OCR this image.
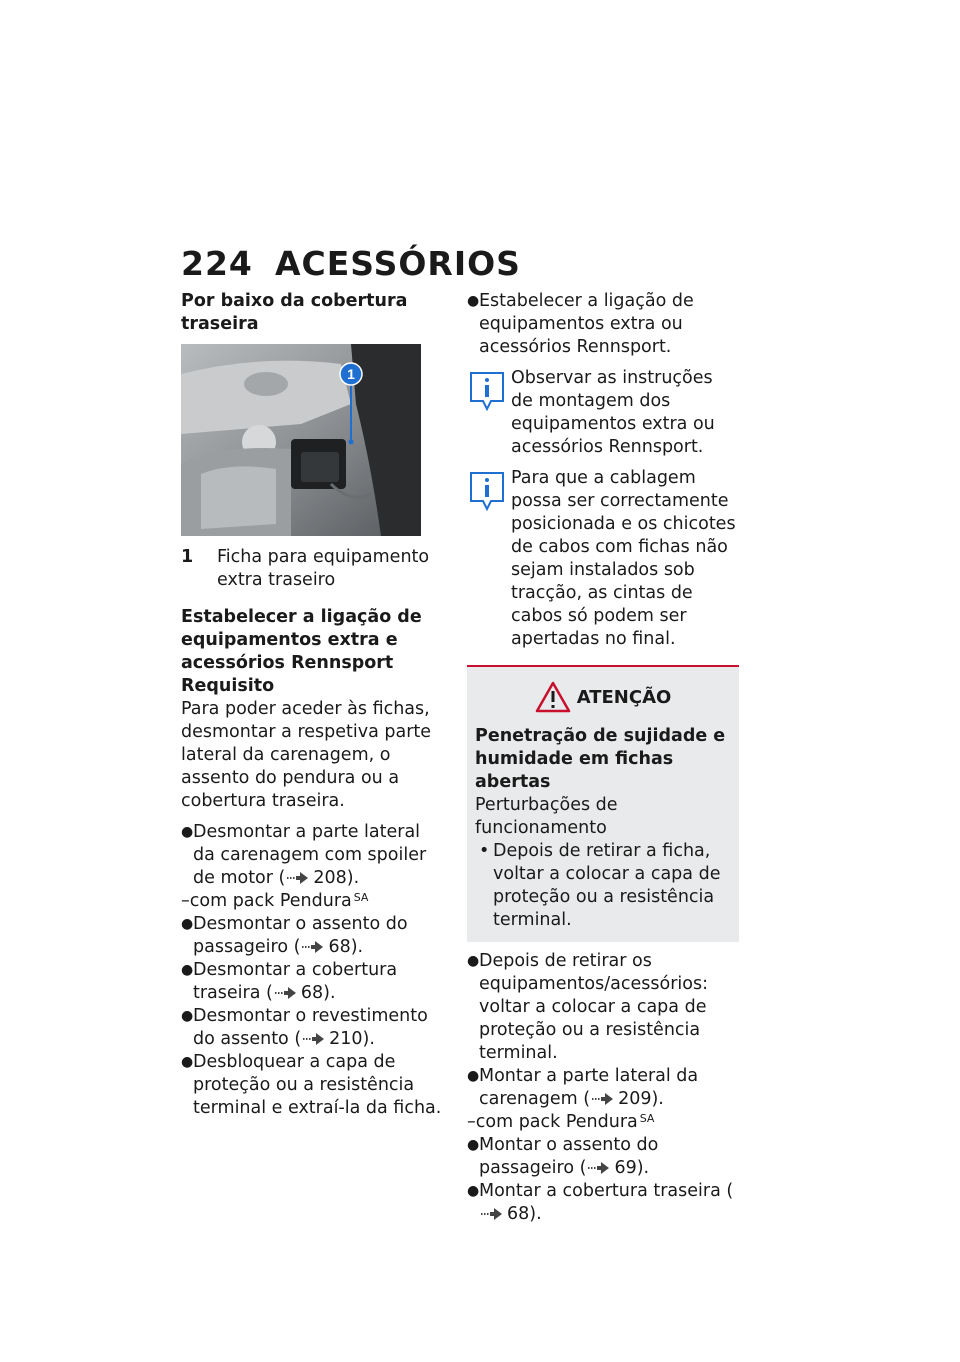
224 ACESSÓRIOS

Por baixo da cobertura traseira

1
1	Ficha para equipamento extra traseiro

Estabelecer a ligação de equipamentos extra e acessórios Rennsport

Requisito

Para poder aceder às fichas, desmontar a respetiva parte lateral da carenagem, o assento do pendura ou a cobertura traseira.

● Desmontar a parte lateral da carenagem com spoiler de motor ( 208).
–com pack Pendura $^{SA}$
● Desmontar o assento do passageiro ( 68).
● Desmontar a cobertura traseira ( 68).
● Desmontar o revestimento do assento ( 210).
● Desbloquear a capa de proteção ou a resistência terminal e extraí-la da ficha.
● Estabelecer a ligação de equipamentos extra ou acessórios Rennsport.
Observar as instruções de montagem dos equipamentos extra ou acessórios Rennsport.
Para que a cablagem possa ser correctamente posicionada e os chicotes de cabos com fichas não sejam instalados sob tracção, as cintas de cabos só podem ser apertadas no final.
ATENÇÃO

Penetração de sujidade e humidade em fichas abertas

Perturbações de funcionamento

• Depois de retirar a ficha, voltar a colocar a capa de proteção ou a resistência terminal.
● Depois de retirar os equipamentos/acessórios: voltar a colocar a capa de proteção ou a resistência terminal.
● Montar a parte lateral da carenagem ( 209).
–com pack Pendura $^{SA}$
● Montar o assento do passageiro ( 69).
● Montar a cobertura traseira (68).
